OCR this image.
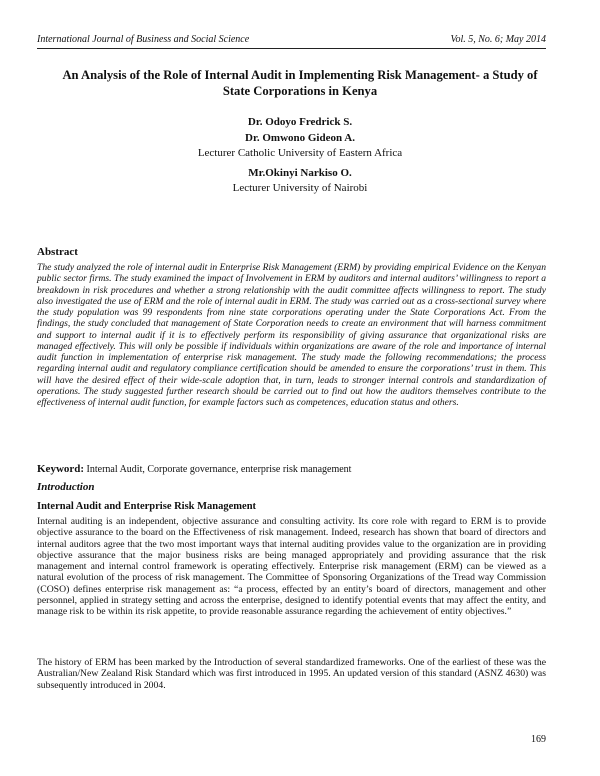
International Journal of Business and Social Science	Vol. 5, No. 6; May 2014
An Analysis of the Role of Internal Audit in Implementing Risk Management- a Study of State Corporations in Kenya
Dr. Odoyo Fredrick S.
Dr. Omwono Gideon A.
Lecturer Catholic University of Eastern Africa
Mr.Okinyi Narkiso O.
Lecturer University of Nairobi
Abstract

The study analyzed the role of internal audit in Enterprise Risk Management (ERM) by providing empirical Evidence on the Kenyan public sector firms. The study examined the impact of Involvement in ERM by auditors and internal auditors’ willingness to report a breakdown in risk procedures and whether a strong relationship with the audit committee affects willingness to report. The study also investigated the use of ERM and the role of internal audit in ERM. The study was carried out as a cross-sectional survey where the study population was 99 respondents from nine state corporations operating under the State Corporations Act. From the findings, the study concluded that management of State Corporation needs to create an environment that will harness commitment and support to internal audit if it is to effectively perform its responsibility of giving assurance that organizational risks are managed effectively. This will only be possible if individuals within organizations are aware of the role and importance of internal audit function in implementation of enterprise risk management. The study made the following recommendations; the process regarding internal audit and regulatory compliance certification should be amended to ensure the corporations’ trust in them. This will have the desired effect of their wide-scale adoption that, in turn, leads to stronger internal controls and standardization of operations. The study suggested further research should be carried out to find out how the auditors themselves contribute to the effectiveness of internal audit function, for example factors such as competences, education status and others.

Keyword: Internal Audit, Corporate governance, enterprise risk management
Introduction
Internal Audit and Enterprise Risk Management

Internal auditing is an independent, objective assurance and consulting activity. Its core role with regard to ERM is to provide objective assurance to the board on the Effectiveness of risk management. Indeed, research has shown that board of directors and internal auditors agree that the two most important ways that internal auditing provides value to the organization are in providing objective assurance that the major business risks are being managed appropriately and providing assurance that the risk management and internal control framework is operating effectively. Enterprise risk management (ERM) can be viewed as a natural evolution of the process of risk management. The Committee of Sponsoring Organizations of the Tread way Commission (COSO) defines enterprise risk management as: “a process, effected by an entity’s board of directors, management and other personnel, applied in strategy setting and across the enterprise, designed to identify potential events that may affect the entity, and manage risk to be within its risk appetite, to provide reasonable assurance regarding the achievement of entity objectives.”

The history of ERM has been marked by the Introduction of several standardized frameworks. One of the earliest of these was the Australian/New Zealand Risk Standard which was first introduced in 1995. An updated version of this standard (ASNZ 4630) was subsequently introduced in 2004.

169
